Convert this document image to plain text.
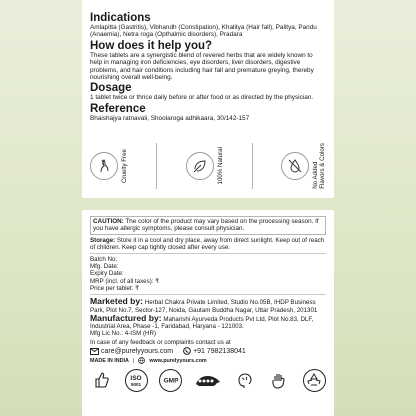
Indications

Amlapitta (Gastritis), Vibhandh (Constipation), Khalitya (Hair fall), Palitya, Pandu (Anaemia), Netra roga (Opthalmic disorders), Pradara

How does it help you?

These tablets are a synergistic blend of revered herbs that are widely known to help in managing iron deficiencies, eye disorders, liver disorders, digestive problems, and hair conditions including hair fall and premature greying, thereby nourishing overall well-being.

Dosage

1 tablet twice or thrice daily before or after food or as directed by the physician.

Reference

Bhaishajya ratnavali, Shoolaroga adhikaara, 30/142-157

Cruelty Free	100% Natural
No Added
Flavors & Colors
CAUTION: The color of the product may vary based on the processing season. If you have allergic symptoms, please consult physician.

Storage: Store it in a cool and dry place, away from direct sunlight. Keep out of reach of children. Keep cap tightly closed after every use.

Batch No:

Mfg. Date:

Expiry Date:

MRP (incl. of all taxes): ₹

Price per tablet: ₹

Marketed by: Herbal Chakra Private Limited, Studio No.05B, IHDP Business Park, Plot No.7, Sector-127, Noida, Gautam Buddha Nagar, Uttar Pradesh, 201301

Manufactured by: Maharishi Ayurveda Products Pvt Ltd, Plot No.83, DLF, Industrial Area, Phase -1, Faridabad, Haryana - 121003.

Mfg Lic No.: 4-ISM (HR)

In case of any feedback or complaints contact us at

care@purelyyours.com	+91 7982138041
MADE IN INDIA |	www.purelyyours.com
ISO
9001	GMP
